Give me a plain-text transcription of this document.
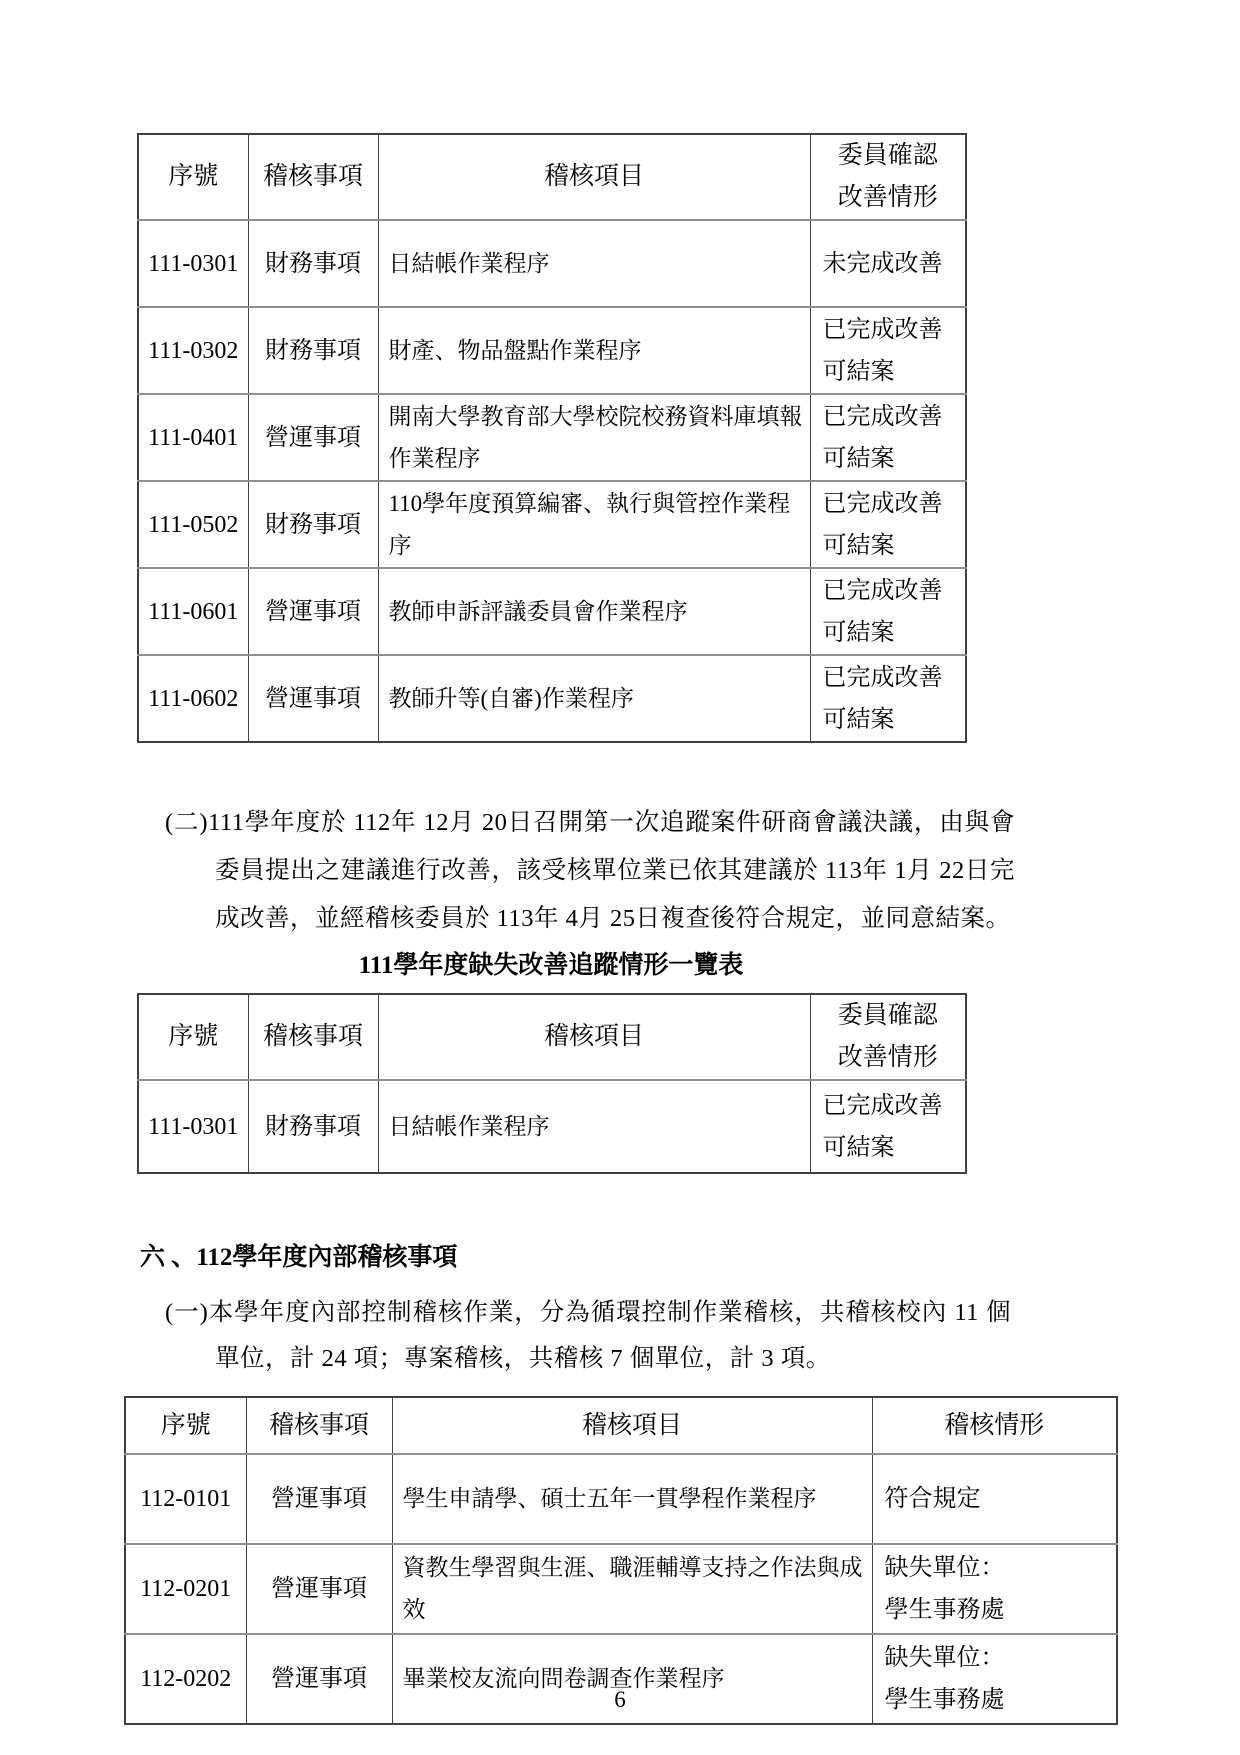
序號	稽核事項	稽核項目	委員確認
改善情形

111-0301	財務事項	日結帳作業程序	未完成改善

111-0302	財務事項	財產、物品盤點作業程序	已完成改善
可結案

111-0401	營運事項	開南大學教育部大學校院校務資料庫填報作業程序	已完成改善
可結案

111-0502	財務事項	110學年度預算編審、執行與管控作業程序	已完成改善
可結案

111-0601	營運事項	教師申訴評議委員會作業程序	已完成改善
可結案

111-0602	營運事項	教師升等(自審)作業程序	已完成改善
可結案

(二)111學年度於 112年 12月 20日召開第一次追蹤案件研商會議決議，由與會委員提出之建議進行改善，該受核單位業已依其建議於 113年 1月 22日完成改善，並經稽核委員於 113年 4月 25日複查後符合規定，並同意結案。

111學年度缺失改善追蹤情形一覽表
序號	稽核事項	稽核項目	委員確認
改善情形

111-0301	財務事項	日結帳作業程序	已完成改善
可結案
六 、112學年度內部稽核事項

(一)本學年度內部控制稽核作業，分為循環控制作業稽核，共稽核校內 11 個單位，計 24 項；專案稽核，共稽核 7 個單位，計 3 項。

序號	稽核事項	稽核項目	稽核情形
112-0101	營運事項	學生申請學、碩士五年一貫學程作業程序	符合規定

112-0201	營運事項	資教生學習與生涯、職涯輔導支持之作法與成效	缺失單位：
學生事務處

112-0202	營運事項	畢業校友流向問卷調查作業程序	缺失單位：
學生事務處
6
